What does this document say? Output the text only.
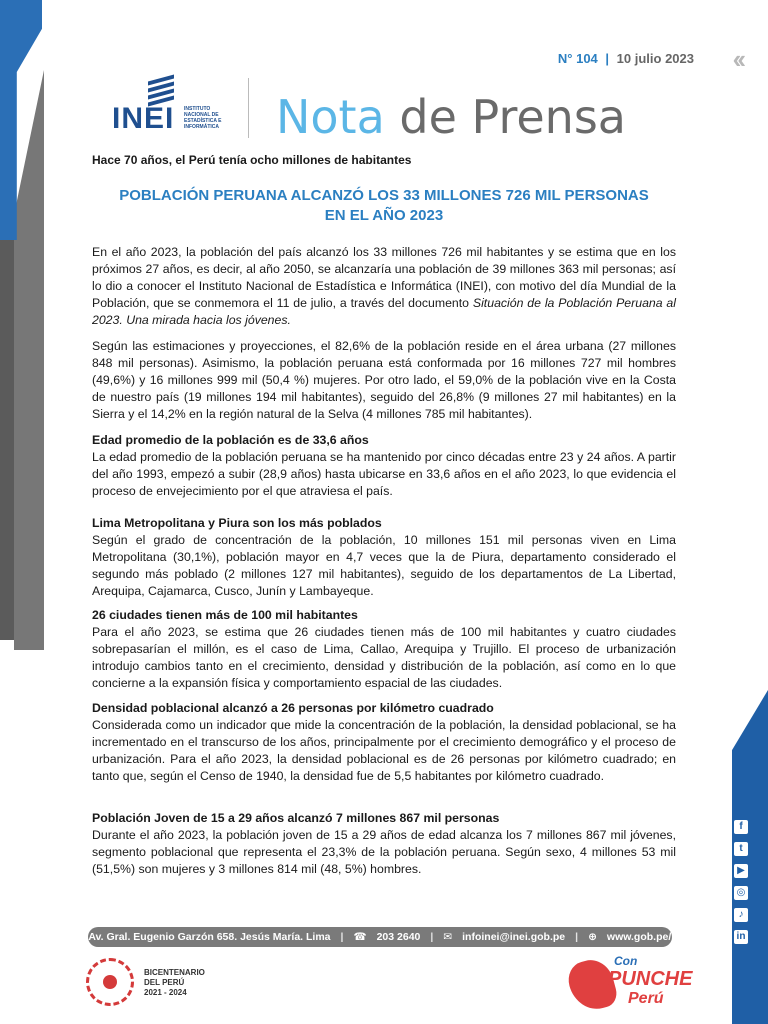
f
t
▶
◎
♪
in
N° 104 | 10 julio 2023 ‹‹
INEI INSTITUTO
NACIONAL DE
ESTADÍSTICA E
INFORMÁTICA Nota de Prensa
Hace 70 años, el Perú tenía ocho millones de habitantes
POBLACIÓN PERUANA ALCANZÓ LOS 33 MILLONES 726 MIL PERSONAS
EN EL AÑO 2023

En el año 2023, la población del país alcanzó los 33 millones 726 mil habitantes y se estima que en los próximos 27 años, es decir, al año 2050, se alcanzaría una población de 39 millones 363 mil personas; así lo dio a conocer el Instituto Nacional de Estadística e Informática (INEI), con motivo del día Mundial de la Población, que se conmemora el 11 de julio, a través del documento Situación de la Población Peruana al 2023. Una mirada hacia los jóvenes.

Según las estimaciones y proyecciones, el 82,6% de la población reside en el área urbana (27 millones 848 mil personas). Asimismo, la población peruana está conformada por 16 millones 727 mil hombres (49,6%) y 16 millones 999 mil (50,4 %) mujeres. Por otro lado, el 59,0% de la población vive en la Costa de nuestro país (19 millones 194 mil habitantes), seguido del 26,8% (9 millones 27 mil habitantes) en la Sierra y el 14,2% en la región natural de la Selva (4 millones 785 mil habitantes).

Edad promedio de la población es de 33,6 años

La edad promedio de la población peruana se ha mantenido por cinco décadas entre 23 y 24 años. A partir del año 1993, empezó a subir (28,9 años) hasta ubicarse en 33,6 años en el año 2023, lo que evidencia el proceso de envejecimiento por el que atraviesa el país.

Lima Metropolitana y Piura son los más poblados

Según el grado de concentración de la población, 10 millones 151 mil personas viven en Lima Metropolitana (30,1%), población mayor en 4,7 veces que la de Piura, departamento considerado el segundo más poblado (2 millones 127 mil habitantes), seguido de los departamentos de La Libertad, Arequipa, Cajamarca, Cusco, Junín y Lambayeque.

26 ciudades tienen más de 100 mil habitantes

Para el año 2023, se estima que 26 ciudades tienen más de 100 mil habitantes y cuatro ciudades sobrepasarían el millón, es el caso de Lima, Callao, Arequipa y Trujillo. El proceso de urbanización introdujo cambios tanto en el crecimiento, densidad y distribución de la población, así como en lo que concierne a la expansión física y comportamiento espacial de las ciudades.

Densidad poblacional alcanzó a 26 personas por kilómetro cuadrado

Considerada como un indicador que mide la concentración de la población, la densidad poblacional, se ha incrementado en el transcurso de los años, principalmente por el crecimiento demográfico y el proceso de urbanización. Para el año 2023, la densidad poblacional es de 26 personas por kilómetro cuadrado; en tanto que, según el Censo de 1940, la densidad fue de 5,5 habitantes por kilómetro cuadrado.

Población Joven de 15 a 29 años alcanzó 7 millones 867 mil personas

Durante el año 2023, la población joven de 15 a 29 años de edad alcanza los 7 millones 867 mil jóvenes, segmento poblacional que representa el 23,3% de la población peruana. Según sexo, 4 millones 53 mil (51,5%) son mujeres y 3 millones 814 mil (48, 5%) hombres.

⚲ Av. Gral. Eugenio Garzón 658. Jesús María. Lima | ☎ 203 2640 | ✉ infoinei@inei.gob.pe | ⊕ www.gob.pe/inei
BICENTENARIO
DEL PERÚ
2021 - 2024
Con
PUNCHE
Perú
